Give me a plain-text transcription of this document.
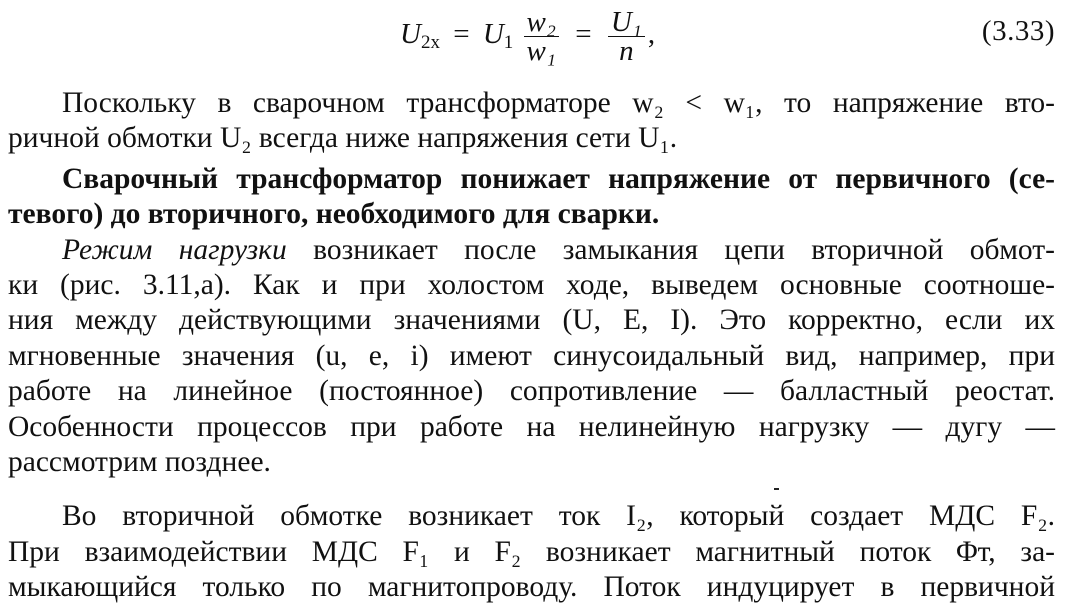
$U_{2x} = U_1 \frac{\text{w₂}}{\text{w₁}} = \frac{\text{U₁}}{n}$ ,	(3.33)
Поскольку в сварочном трансформаторе w₂ < w₁, то напряжение вто-
ричной обмотки U₂ всегда ниже напряжения сети U₁.
Сварочный трансформатор понижает напряжение от первичного (се-
тевого) до вторичного, необходимого для сварки.
Режим нагрузки возникает после замыкания цепи вторичной обмот-
ки (рис. 3.11,а). Как и при холостом ходе, выведем основные соотноше-
ния между действующими значениями (U, E, I). Это корректно, если их
мгновенные значения (u, e, i) имеют синусоидальный вид, например, при
работе на линейное (постоянное) сопротивление — балластный реостат.
Особенности процессов при работе на нелинейную нагрузку — дугу —
рассмотрим позднее.
Во вторичной обмотке возникает ток I₂, который создает МДС F₂.
При взаимодействии МДС F₁ и F₂ возникает магнитный поток Φт, за-
мыкающийся только по магнитопроводу. Поток индуцирует в первичной
